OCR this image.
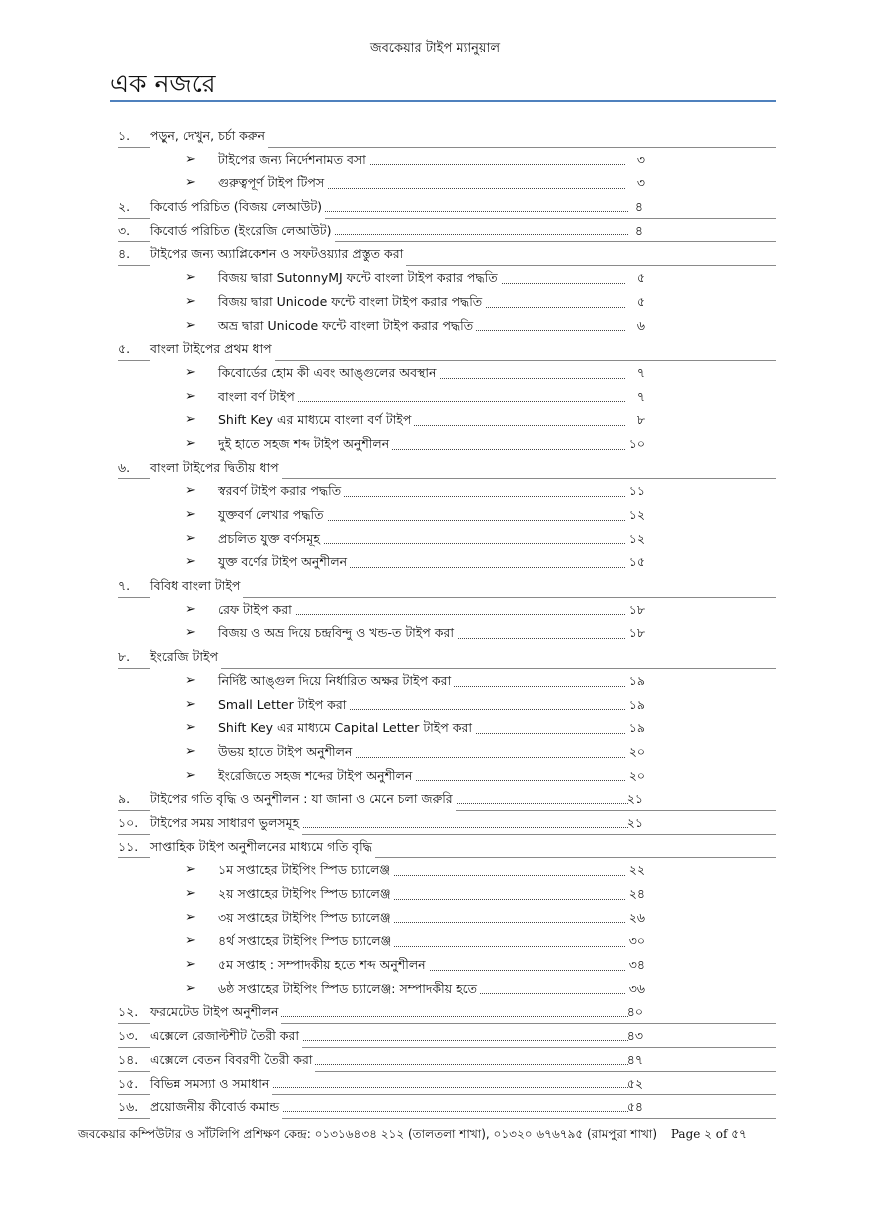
জবকেয়ার টাইপ ম্যানুয়াল
এক নজরে
১.	পড়ুন, দেখুন, চর্চা করুন
➢ টাইপের জন্য নির্দেশনামত বসা	৩
➢ গুরুত্বপূর্ণ টাইপ টিপস	৩
২.	কিবোর্ড পরিচিত (বিজয় লেআউট)	৪
৩.	কিবোর্ড পরিচিত (ইংরেজি লেআউট)	৪
৪.	টাইপের জন্য অ্যাপ্লিকেশন ও সফটওয়্যার প্রস্তুত করা
➢ বিজয় দ্বারা SutonnyMJ ফন্টে বাংলা টাইপ করার পদ্ধতি	৫
➢ বিজয় দ্বারা Unicode ফন্টে বাংলা টাইপ করার পদ্ধতি	৫
➢ অভ্র দ্বারা Unicode ফন্টে বাংলা টাইপ করার পদ্ধতি	৬
৫.	বাংলা টাইপের প্রথম ধাপ
➢ কিবোর্ডের হোম কী এবং আঙ্গুলের অবস্থান	৭
➢ বাংলা বর্ণ টাইপ	৭
➢ Shift Key এর মাধ্যমে বাংলা বর্ণ টাইপ	৮
➢ দুই হাতে সহজ শব্দ টাইপ অনুশীলন	১০
৬.	বাংলা টাইপের দ্বিতীয় ধাপ
➢ স্বরবর্ণ টাইপ করার পদ্ধতি	১১
➢ যুক্তবর্ণ লেখার পদ্ধতি	১২
➢ প্রচলিত যুক্ত বর্ণসমূহ	১২
➢ যুক্ত বর্ণের টাইপ অনুশীলন	১৫
৭.	বিবিধ বাংলা টাইপ
➢ রেফ টাইপ করা	১৮
➢ বিজয় ও অভ্র দিয়ে চন্দ্রবিন্দু ও খন্ড-ত টাইপ করা	১৮
৮.	ইংরেজি টাইপ
➢ নির্দিষ্ট আঙ্গুল দিয়ে নির্ধারিত অক্ষর টাইপ করা	১৯
➢ Small Letter টাইপ করা	১৯
➢ Shift Key এর মাধ্যমে Capital Letter টাইপ করা	১৯
➢ উভয় হাতে টাইপ অনুশীলন	২০
➢ ইংরেজিতে সহজ শব্দের টাইপ অনুশীলন	২০
৯.	টাইপের গতি বৃদ্ধি ও অনুশীলন : যা জানা ও মেনে চলা জরুরি	২১
১০. টাইপের সময় সাধারণ ভুলসমূহ	২১
১১. সাপ্তাহিক টাইপ অনুশীলনের মাধ্যমে গতি বৃদ্ধি
➢ ১ম সপ্তাহের টাইপিং স্পিড চ্যালেঞ্জ	২২
➢ ২য় সপ্তাহের টাইপিং স্পিড চ্যালেঞ্জ	২৪
➢ ৩য় সপ্তাহের টাইপিং স্পিড চ্যালেঞ্জ	২৬
➢ ৪র্থ সপ্তাহের টাইপিং স্পিড চ্যালেঞ্জ	৩০
➢ ৫ম সপ্তাহ : সম্পাদকীয় হতে শব্দ অনুশীলন	৩৪
➢ ৬ষ্ঠ সপ্তাহের টাইপিং স্পিড চ্যালেঞ্জ: সম্পাদকীয় হতে	৩৬
১২. ফরমেটেড টাইপ অনুশীলন	৪০
১৩. এক্সেলে রেজাল্টশীট তৈরী করা	৪৩
১৪. এক্সেলে বেতন বিবরণী তৈরী করা	৪৭
১৫. বিভিন্ন সমস্যা ও সমাধান	৫২
১৬. প্রয়োজনীয় কীবোর্ড কমান্ড	৫৪
জবকেয়ার কম্পিউটার ও সাঁটলিপি প্রশিক্ষণ কেন্দ্র: ০১৩১৬৪৩৪ ২১২ (তালতলা শাখা), ০১৩২০ ৬৭৬৭৯৫ (রামপুরা শাখা) Page ২ of ৫৭
